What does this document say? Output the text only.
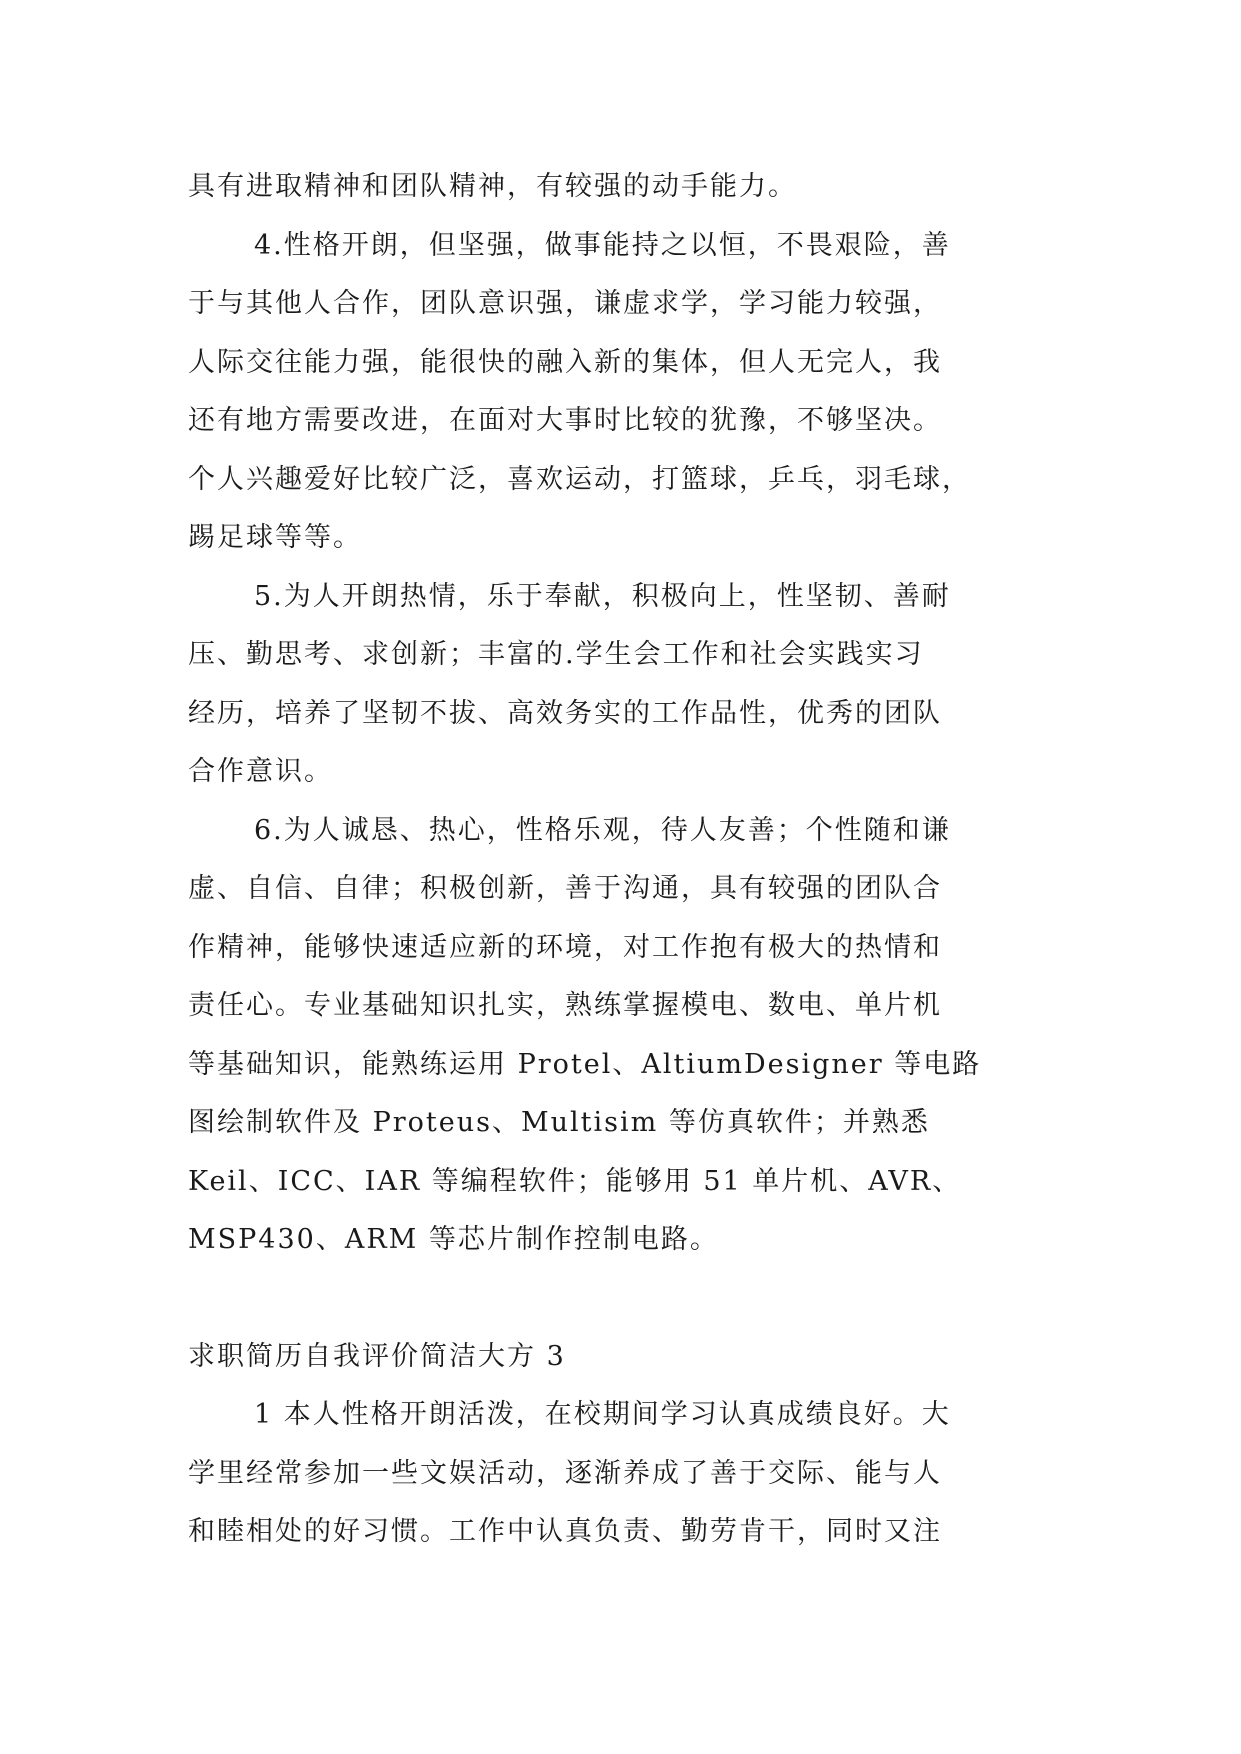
具有进取精神和团队精神，有较强的动手能力。
4.性格开朗，但坚强，做事能持之以恒，不畏艰险，善
于与其他人合作，团队意识强，谦虚求学，学习能力较强，
人际交往能力强，能很快的融入新的集体，但人无完人，我
还有地方需要改进，在面对大事时比较的犹豫，不够坚决。
个人兴趣爱好比较广泛，喜欢运动，打篮球，乒乓，羽毛球，
踢足球等等。
5.为人开朗热情，乐于奉献，积极向上，性坚韧、善耐
压、勤思考、求创新；丰富的.学生会工作和社会实践实习
经历，培养了坚韧不拔、高效务实的工作品性，优秀的团队
合作意识。
6.为人诚恳、热心，性格乐观，待人友善；个性随和谦
虚、自信、自律；积极创新，善于沟通，具有较强的团队合
作精神，能够快速适应新的环境，对工作抱有极大的热情和
责任心。专业基础知识扎实，熟练掌握模电、数电、单片机
等基础知识，能熟练运用 Protel、AltiumDesigner 等电路
图绘制软件及 Proteus、Multisim 等仿真软件；并熟悉
Keil、ICC、IAR 等编程软件；能够用 51 单片机、AVR、
MSP430、ARM 等芯片制作控制电路。
求职简历自我评价简洁大方 3
1 本人性格开朗活泼，在校期间学习认真成绩良好。大
学里经常参加一些文娱活动，逐渐养成了善于交际、能与人
和睦相处的好习惯。工作中认真负责、勤劳肯干，同时又注
